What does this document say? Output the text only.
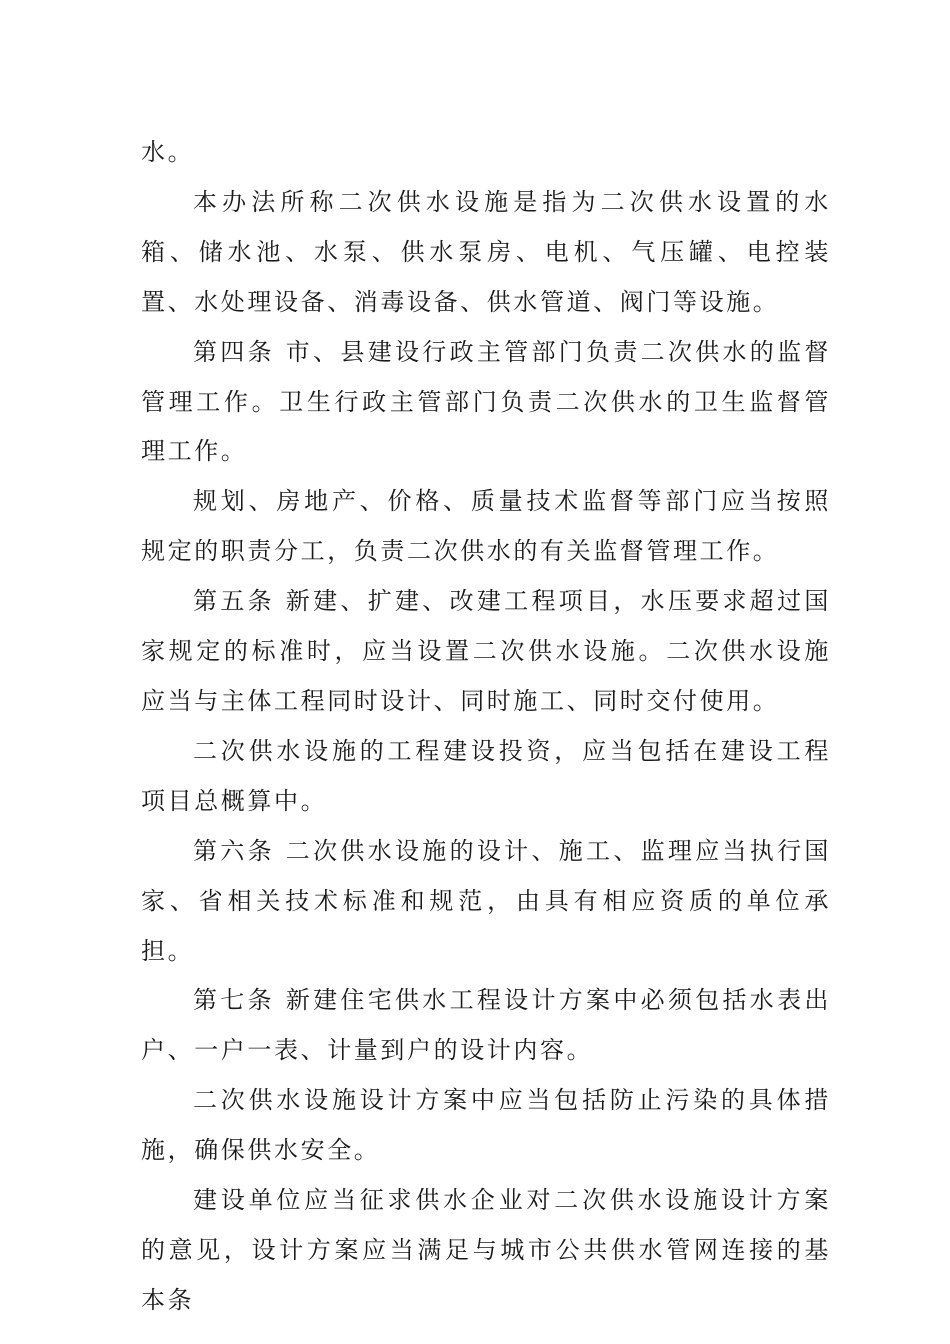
水。

本办法所称二次供水设施是指为二次供水设置的水箱、储水池、水泵、供水泵房、电机、气压罐、电控装置、水处理设备、消毒设备、供水管道、阀门等设施。

第四条 市、县建设行政主管部门负责二次供水的监督管理工作。卫生行政主管部门负责二次供水的卫生监督管理工作。

规划、房地产、价格、质量技术监督等部门应当按照规定的职责分工，负责二次供水的有关监督管理工作。

第五条 新建、扩建、改建工程项目，水压要求超过国家规定的标准时，应当设置二次供水设施。二次供水设施应当与主体工程同时设计、同时施工、同时交付使用。

二次供水设施的工程建设投资，应当包括在建设工程项目总概算中。

第六条 二次供水设施的设计、施工、监理应当执行国家、省相关技术标准和规范，由具有相应资质的单位承担。

第七条 新建住宅供水工程设计方案中必须包括水表出户、一户一表、计量到户的设计内容。

二次供水设施设计方案中应当包括防止污染的具体措施，确保供水安全。

建设单位应当征求供水企业对二次供水设施设计方案的意见，设计方案应当满足与城市公共供水管网连接的基本条
